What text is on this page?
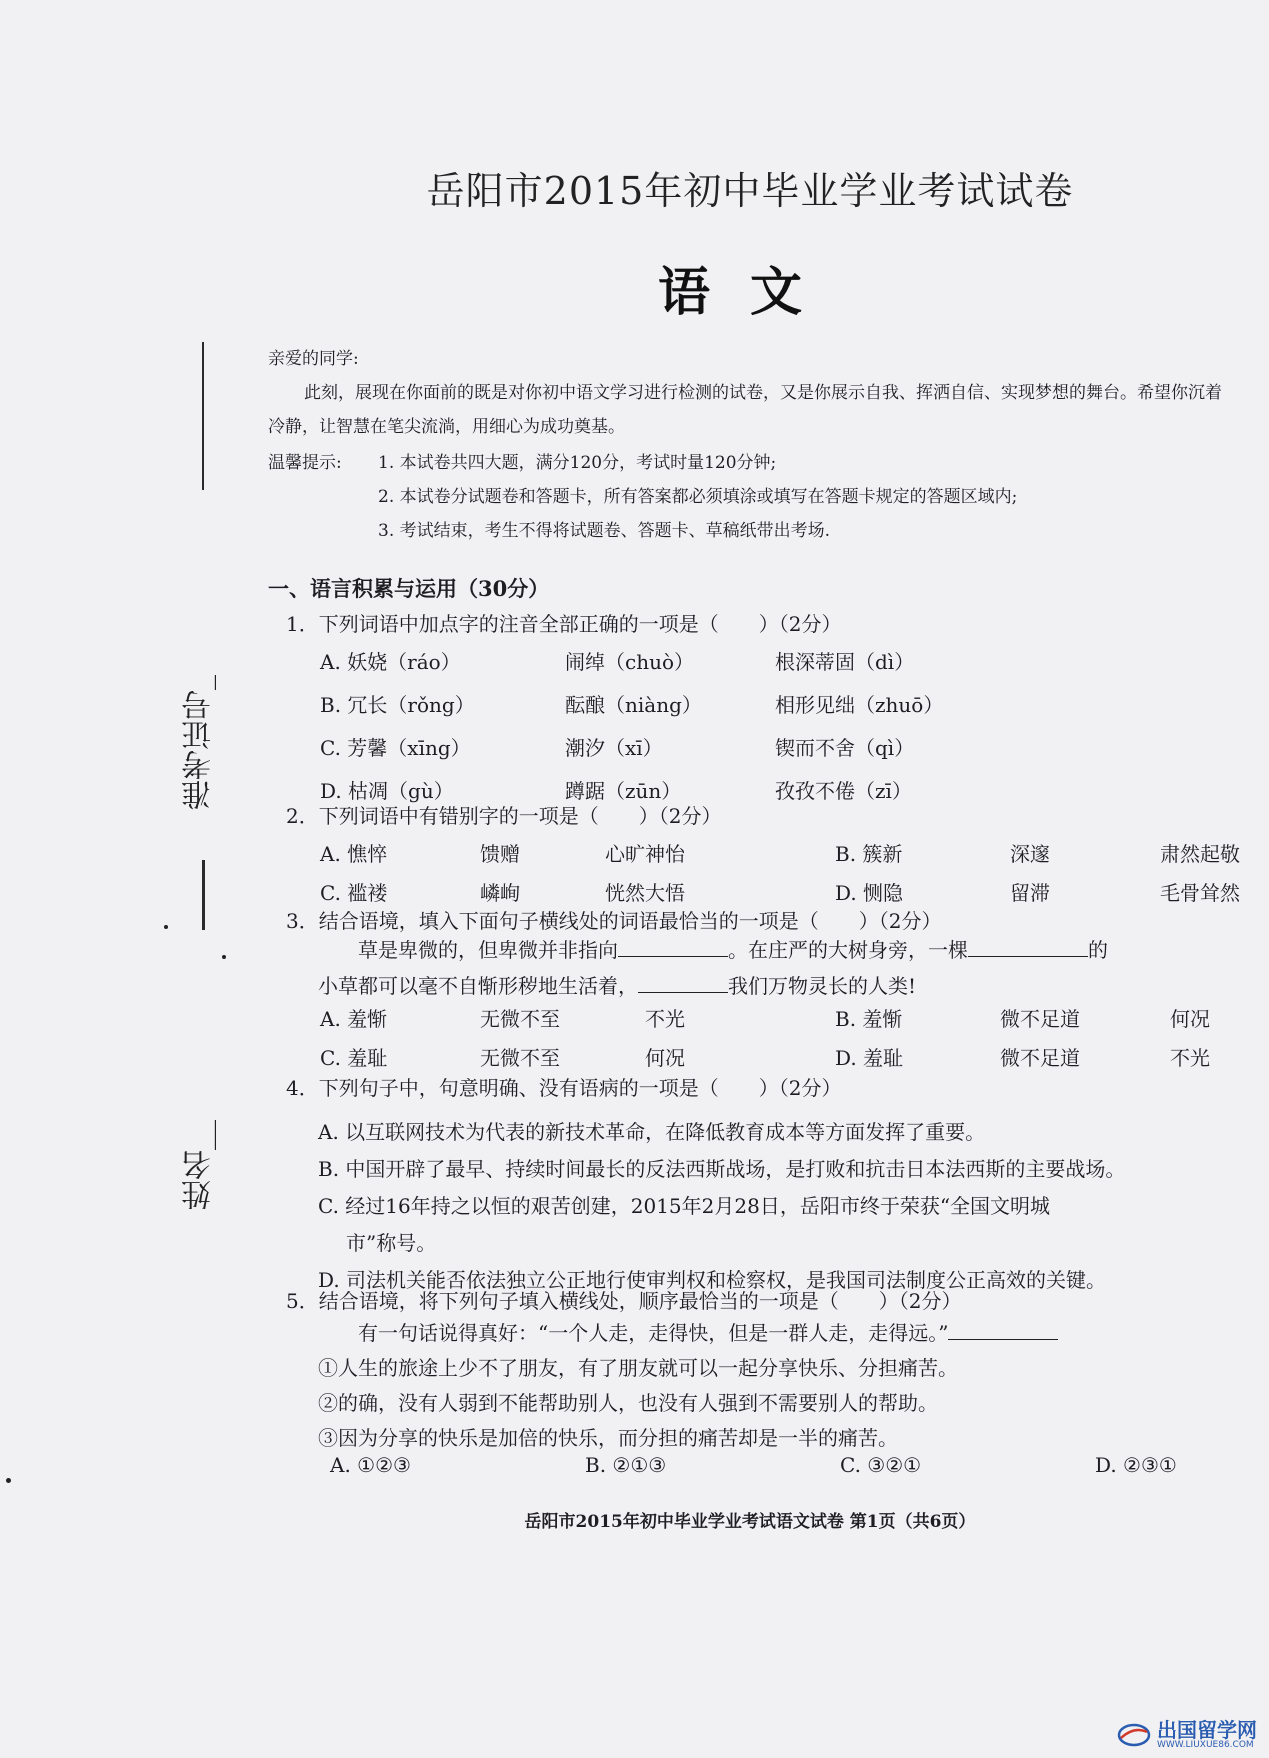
岳阳市2015年初中毕业学业考试试卷
语文
准考证号_
姓名__
亲爱的同学:
此刻，展现在你面前的既是对你初中语文学习进行检测的试卷，又是你展示自我、挥洒自信、实现梦想的舞台。希望你沉着冷静，让智慧在笔尖流淌，用细心为成功奠基。
温馨提示:	1. 本试卷共四大题，满分120分，考试时量120分钟;
2. 本试卷分试题卷和答题卡，所有答案都必须填涂或填写在答题卡规定的答题区域内;
3. 考试结束，考生不得将试题卷、答题卡、草稿纸带出考场.
一、语言积累与运用（30分）
1．下列词语中加点字的注音全部正确的一项是（　　）（2分）
A. 妖娆（ráo）	闹绰（chuò）	根深蒂固（dì）
B. 冗长（rǒng）	酝酿（niàng）	相形见绌（zhuō）
C. 芳馨（xīng）	潮汐（xī）	锲而不舍（qì）
D. 枯凋（gù）	蹲踞（zūn）	孜孜不倦（zī）
2．下列词语中有错别字的一项是（　　）（2分）
A. 憔悴	馈赠	心旷神怡	B. 簇新	深邃	肃然起敬
C. 褴褛	嶙峋	恍然大悟	D. 恻隐	留滞	毛骨耸然
3．结合语境，填入下面句子横线处的词语最恰当的一项是（　　）（2分）
草是卑微的，但卑微并非指向	。在庄严的大树身旁，一棵	的
小草都可以毫不自惭形秽地生活着，	我们万物灵长的人类!
A. 羞惭	无微不至	不光	B. 羞惭	微不足道	何况
C. 羞耻	无微不至	何况	D. 羞耻	微不足道	不光
4．下列句子中，句意明确、没有语病的一项是（　　）（2分）
A. 以互联网技术为代表的新技术革命，在降低教育成本等方面发挥了重要。
B. 中国开辟了最早、持续时间最长的反法西斯战场，是打败和抗击日本法西斯的主要战场。
C. 经过16年持之以恒的艰苦创建，2015年2月28日，岳阳市终于荣获“全国文明城
市”称号。
D. 司法机关能否依法独立公正地行使审判权和检察权，是我国司法制度公正高效的关键。
5．结合语境，将下列句子填入横线处，顺序最恰当的一项是（　　）（2分）
有一句话说得真好：“一个人走，走得快，但是一群人走，走得远。”
①人生的旅途上少不了朋友，有了朋友就可以一起分享快乐、分担痛苦。
②的确，没有人弱到不能帮助别人，也没有人强到不需要别人的帮助。
③因为分享的快乐是加倍的快乐，而分担的痛苦却是一半的痛苦。
A. ①②③	B. ②①③	C. ③②①	D. ②③①
岳阳市2015年初中毕业学业考试语文试卷 第1页（共6页）
出国留学网
WWW.LIUXUE86.COM
